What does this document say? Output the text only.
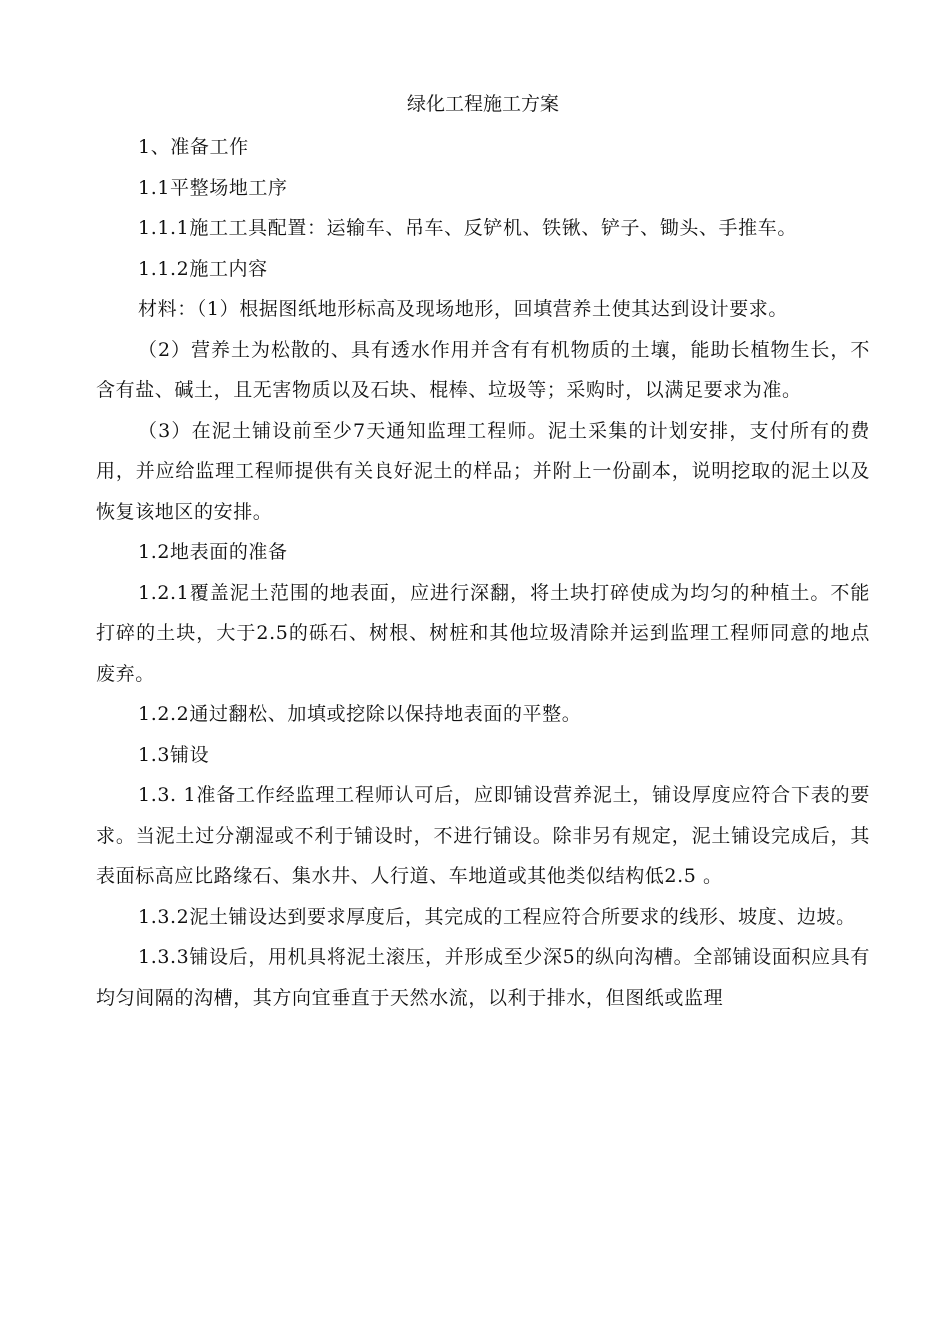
绿化工程施工方案

1、准备工作

1.1平整场地工序

1.1.1施工工具配置：运输车、吊车、反铲机、铁锹、铲子、锄头、手推车。

1.1.2施工内容

材料：（1）根据图纸地形标高及现场地形，回填营养土使其达到设计要求。

（2）营养土为松散的、具有透水作用并含有有机物质的土壤，能助长植物生长，不含有盐、碱土，且无害物质以及石块、棍棒、垃圾等；采购时，以满足要求为准。

（3）在泥土铺设前至少7天通知监理工程师。泥土采集的计划安排，支付所有的费用，并应给监理工程师提供有关良好泥土的样品；并附上一份副本，说明挖取的泥土以及恢复该地区的安排。

1.2地表面的准备

1.2.1覆盖泥土范围的地表面，应进行深翻，将土块打碎使成为均匀的种植土。不能打碎的土块，大于2.5的砾石、树根、树桩和其他垃圾清除并运到监理工程师同意的地点废弃。

1.2.2通过翻松、加填或挖除以保持地表面的平整。

1.3铺设

1.3. 1准备工作经监理工程师认可后，应即铺设营养泥土，铺设厚度应符合下表的要求。当泥土过分潮湿或不利于铺设时，不进行铺设。除非另有规定，泥土铺设完成后，其表面标高应比路缘石、集水井、人行道、车地道或其他类似结构低2.5 。

1.3.2泥土铺设达到要求厚度后，其完成的工程应符合所要求的线形、坡度、边坡。

1.3.3铺设后，用机具将泥土滚压，并形成至少深5的纵向沟槽。全部铺设面积应具有均匀间隔的沟槽，其方向宜垂直于天然水流，以利于排水，但图纸或监理
